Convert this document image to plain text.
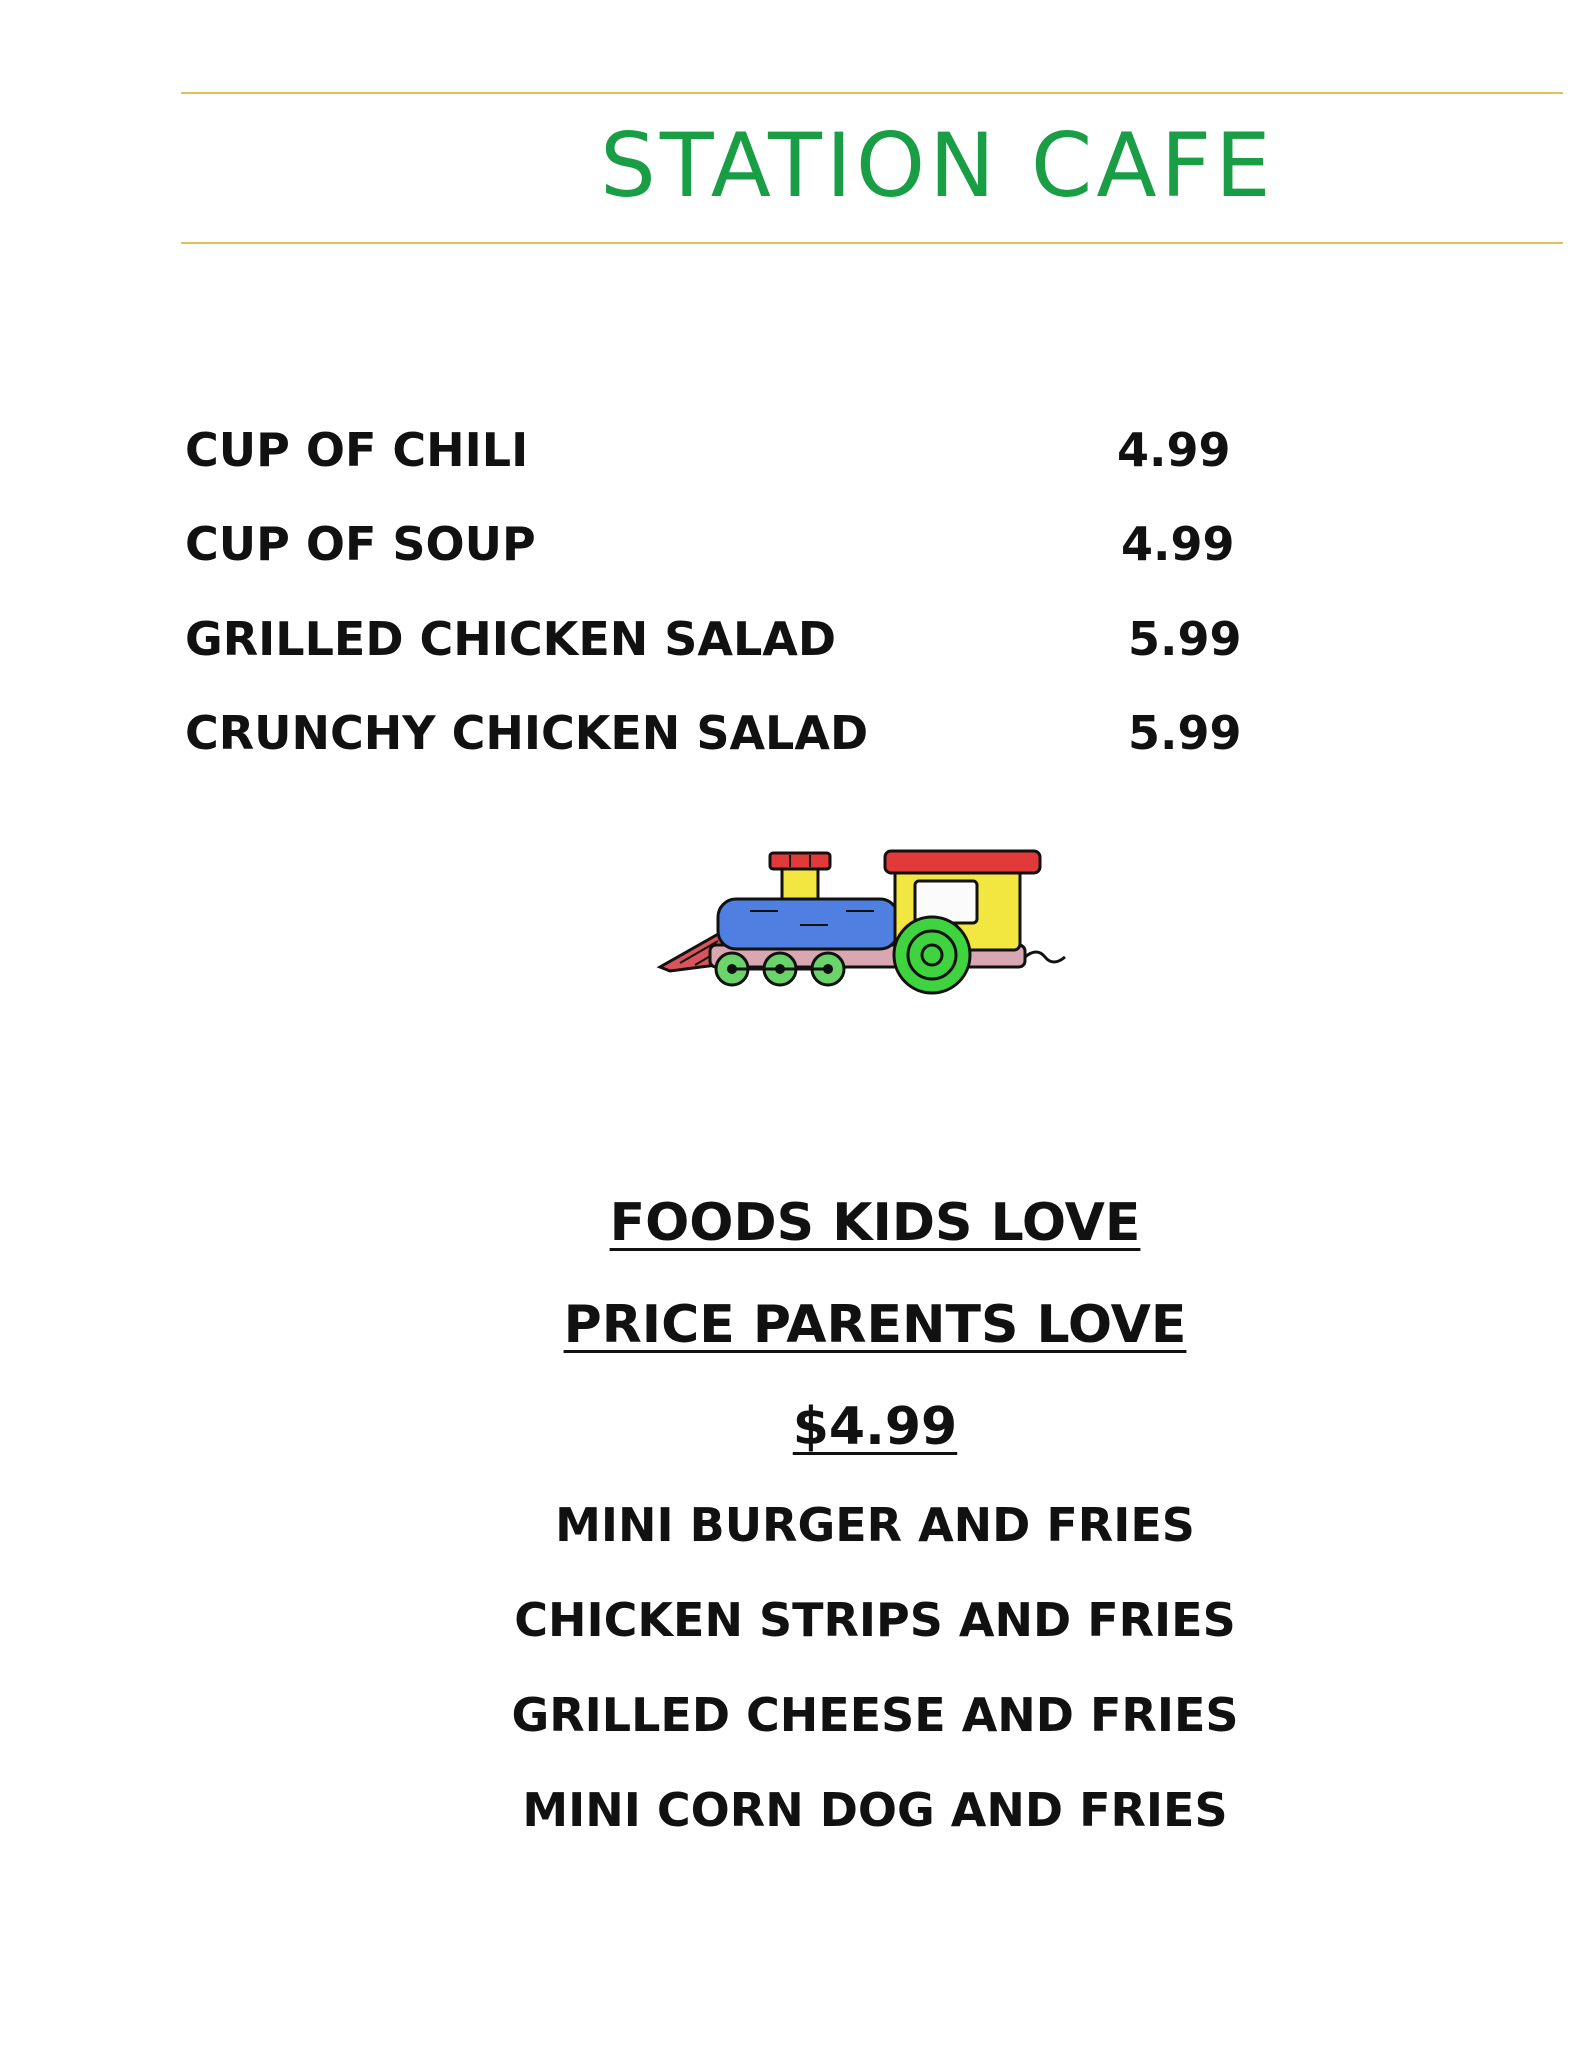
STATION CAFE
CUP OF CHILI	4.99
CUP OF SOUP	4.99
GRILLED CHICKEN SALAD	5.99
CRUNCHY CHICKEN SALAD	5.99
FOODS KIDS LOVE
PRICE PARENTS LOVE
$4.99
MINI BURGER AND FRIES
CHICKEN STRIPS AND FRIES
GRILLED CHEESE AND FRIES
MINI CORN DOG AND FRIES
